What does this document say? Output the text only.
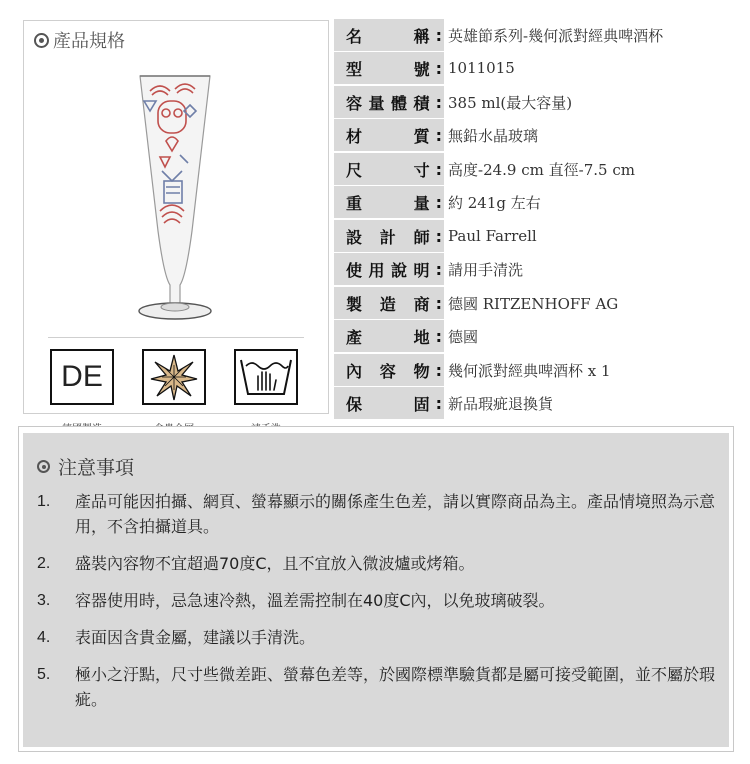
產品規格
DE
名	稱 : 英雄節系列-幾何派對經典啤酒杯
型	號 : 1011015
容 量 體 積 : 385 ml(最大容量)
材	質 : 無鉛水晶玻璃
尺	寸 : 高度-24.9 cm 直徑-7.5 cm
重	量 : 約 241g 左右
設 計 師 : Paul Farrell
使 用 說 明 : 請用手清洗
製 造 商 : 德國 RITZENHOFF AG
產	地 : 德國
內 容 物 : 幾何派對經典啤酒杯 x 1
保	固 : 新品瑕疵退換貨
注意事項
1.	產品可能因拍攝、網頁、螢幕顯示的關係產生色差，請以實際商品為主。產品情境照為示意用，不含拍攝道具。
2.	盛裝內容物不宜超過70度C，且不宜放入微波爐或烤箱。
3.	容器使用時，忌急速冷熱，溫差需控制在40度C內，以免玻璃破裂。
4.	表面因含貴金屬，建議以手清洗。
5.	極小之汙點，尺寸些微差距、螢幕色差等，於國際標準驗貨都是屬可接受範圍，並不屬於瑕疵。
